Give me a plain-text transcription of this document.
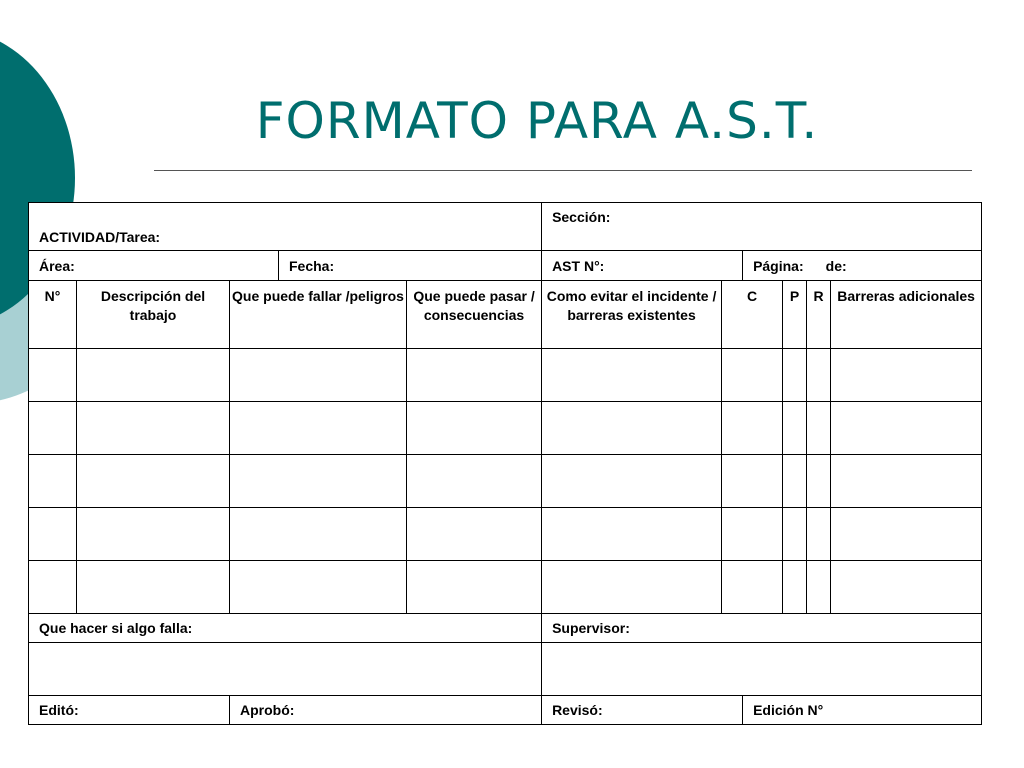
FORMATO PARA A.S.T.
ACTIVIDAD/Tarea:					Sección:					
Área:			Fecha:		AST N°:		Página: de:			
N°	Descripción del trabajo	Que puede fallar /peligros		Que puede pasar / consecuencias	Como evitar el incidente / barreras existentes	C		P	R	Barreras adicionales

Que hacer si algo falla:					Supervisor:					

Editó:		Aprobó:			Revisó:		Edición N°			
